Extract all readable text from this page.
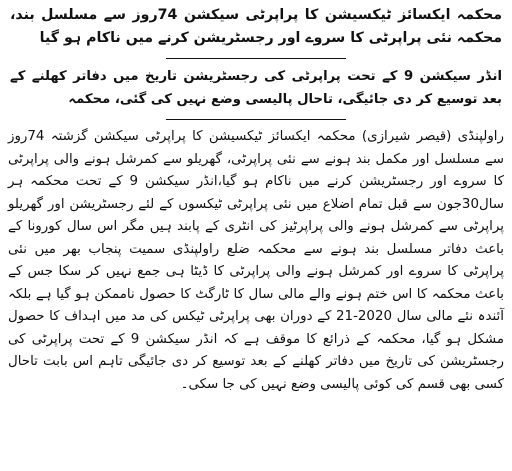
محکمہ ایکسائز ٹیکسیشن کا پراپرٹی سیکشن 74روز سے مسلسل بند، محکمہ نئی پراپرٹی کا سروے اور رجسٹریشن کرنے میں ناکام ہو گیا

انڈر سیکشن 9 کے تحت پراپرٹی کی رجسٹریشن تاریخ میں دفاتر کھلنے کے بعد توسیع کر دی جائیگی، تاحال پالیسی وضع نہیں کی گئی، محکمہ

راولپنڈی (قیصر شیرازی) محکمہ ایکسائز ٹیکسیشن کا پراپرٹی سیکشن گزشتہ 74روز سے مسلسل اور مکمل بند ہونے سے نئی پراپرٹی، گھریلو سے کمرشل ہونے والی پراپرٹی کا سروے اور رجسٹریشن کرنے میں ناکام ہو گیا،انڈر سیکشن 9 کے تحت محکمہ ہر سال30جون سے قبل تمام اضلاع میں نئی پراپرٹی ٹیکسوں کے لئے رجسٹریشن اور گھریلو پراپرٹی سے کمرشل ہونے والی پراپرٹیز کی انٹری کے پابند ہیں مگر اس سال کورونا کے باعث دفاتر مسلسل بند ہونے سے محکمہ ضلع راولپنڈی سمیت پنجاب بھر میں نئی پراپرٹی کا سروے اور کمرشل ہونے والی پراپرٹی کا ڈیٹا ہی جمع نہیں کر سکا جس کے باعث محکمہ کا اس ختم ہونے والے مالی سال کا ٹارگٹ کا حصول ناممکن ہو گیا ہے بلکہ آئندہ نئے مالی سال 2020-21 کے دوران بھی پراپرٹی ٹیکس کی مد میں اہداف کا حصول مشکل ہو گیا، محکمہ کے ذرائع کا موقف ہے کہ انڈر سیکشن 9 کے تحت پراپرٹی کی رجسٹریشن کی تاریخ میں دفاتر کھلنے کے بعد توسیع کر دی جائیگی تاہم اس بابت تاحال کسی بھی قسم کی کوئی پالیسی وضع نہیں کی جا سکی۔
